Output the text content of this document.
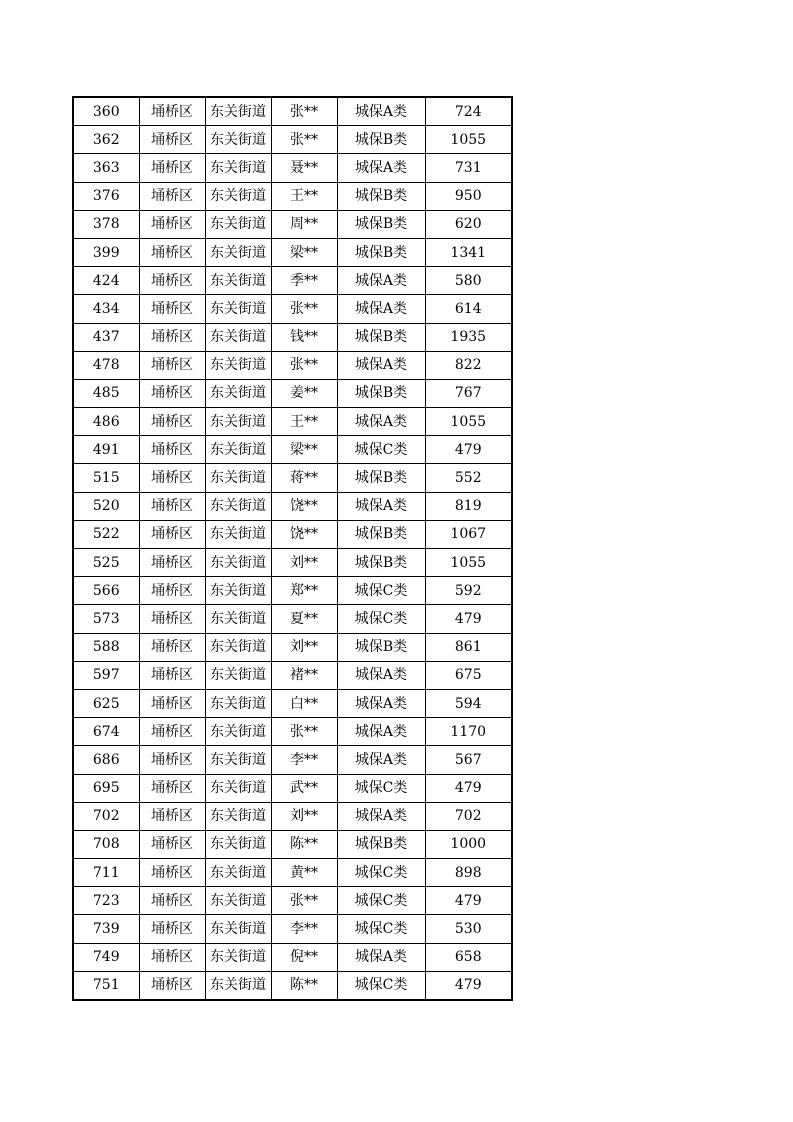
360	埇桥区	东关街道	张**	城保A类	724
362	埇桥区	东关街道	张**	城保B类	1055
363	埇桥区	东关街道	聂**	城保A类	731
376	埇桥区	东关街道	王**	城保B类	950
378	埇桥区	东关街道	周**	城保B类	620
399	埇桥区	东关街道	梁**	城保B类	1341
424	埇桥区	东关街道	季**	城保A类	580
434	埇桥区	东关街道	张**	城保A类	614
437	埇桥区	东关街道	钱**	城保B类	1935
478	埇桥区	东关街道	张**	城保A类	822
485	埇桥区	东关街道	姜**	城保B类	767
486	埇桥区	东关街道	王**	城保A类	1055
491	埇桥区	东关街道	梁**	城保C类	479
515	埇桥区	东关街道	蒋**	城保B类	552
520	埇桥区	东关街道	饶**	城保A类	819
522	埇桥区	东关街道	饶**	城保B类	1067
525	埇桥区	东关街道	刘**	城保B类	1055
566	埇桥区	东关街道	郑**	城保C类	592
573	埇桥区	东关街道	夏**	城保C类	479
588	埇桥区	东关街道	刘**	城保B类	861
597	埇桥区	东关街道	褚**	城保A类	675
625	埇桥区	东关街道	白**	城保A类	594
674	埇桥区	东关街道	张**	城保A类	1170
686	埇桥区	东关街道	李**	城保A类	567
695	埇桥区	东关街道	武**	城保C类	479
702	埇桥区	东关街道	刘**	城保A类	702
708	埇桥区	东关街道	陈**	城保B类	1000
711	埇桥区	东关街道	黄**	城保C类	898
723	埇桥区	东关街道	张**	城保C类	479
739	埇桥区	东关街道	李**	城保C类	530
749	埇桥区	东关街道	倪**	城保A类	658
751	埇桥区	东关街道	陈**	城保C类	479
